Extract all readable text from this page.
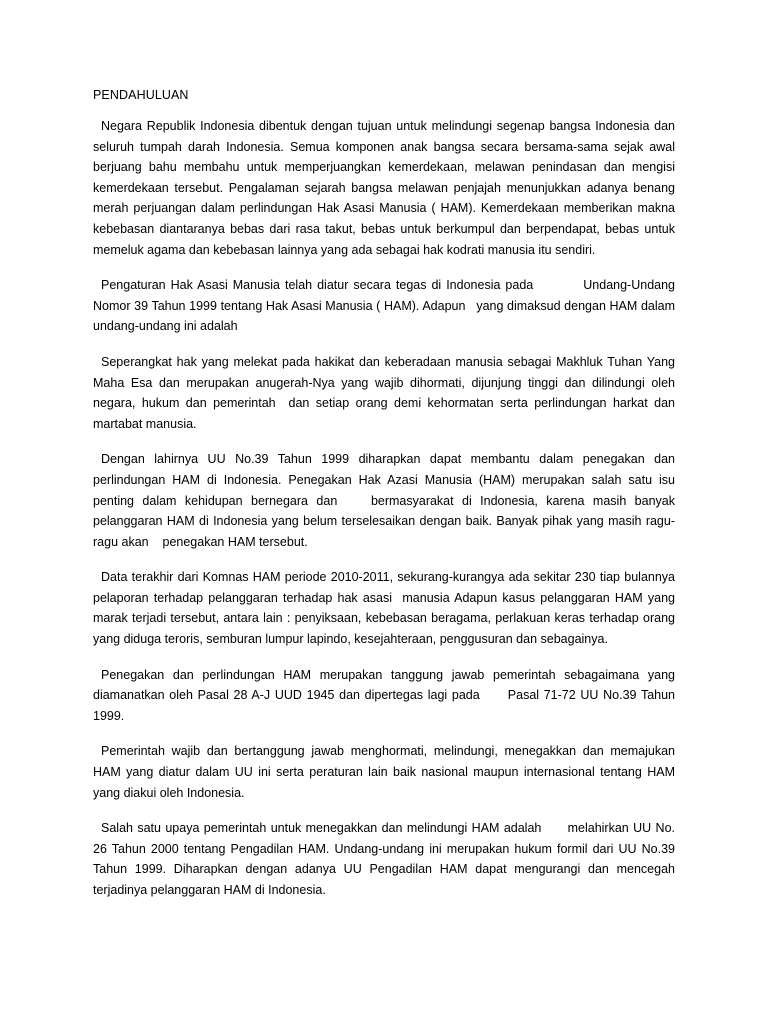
PENDAHULUAN

Negara Republik Indonesia dibentuk dengan tujuan untuk melindungi segenap bangsa Indonesia dan seluruh tumpah darah Indonesia. Semua komponen anak bangsa secara bersama-sama sejak awal berjuang bahu membahu untuk memperjuangkan kemerdekaan, melawan penindasan dan mengisi kemerdekaan tersebut. Pengalaman sejarah bangsa melawan penjajah menunjukkan adanya benang merah perjuangan dalam perlindungan Hak Asasi Manusia ( HAM). Kemerdekaan memberikan makna kebebasan diantaranya bebas dari rasa takut, bebas untuk berkumpul dan berpendapat, bebas untuk memeluk agama dan kebebasan lainnya yang ada sebagai hak kodrati manusia itu sendiri.

Pengaturan Hak Asasi Manusia telah diatur secara tegas di Indonesia pada          Undang-Undang Nomor 39 Tahun 1999 tentang Hak Asasi Manusia ( HAM). Adapun   yang dimaksud dengan HAM dalam undang-undang ini adalah

Seperangkat hak yang melekat pada hakikat dan keberadaan manusia sebagai Makhluk Tuhan Yang Maha Esa dan merupakan anugerah-Nya yang wajib dihormati, dijunjung tinggi dan dilindungi oleh negara, hukum dan pemerintah  dan setiap orang demi kehormatan serta perlindungan harkat dan martabat manusia.

Dengan lahirnya UU No.39 Tahun 1999 diharapkan dapat membantu dalam penegakan dan perlindungan HAM di Indonesia. Penegakan Hak Azasi Manusia (HAM) merupakan salah satu isu penting dalam kehidupan bernegara dan    bermasyarakat di Indonesia, karena masih banyak pelanggaran HAM di Indonesia yang belum terselesaikan dengan baik. Banyak pihak yang masih ragu-ragu akan    penegakan HAM tersebut.

Data terakhir dari Komnas HAM periode 2010-2011, sekurang-kurangya ada sekitar 230 tiap bulannya pelaporan terhadap pelanggaran terhadap hak asasi  manusia Adapun kasus pelanggaran HAM yang marak terjadi tersebut, antara lain : penyiksaan, kebebasan beragama, perlakuan keras terhadap orang yang diduga teroris, semburan lumpur lapindo, kesejahteraan, penggusuran dan sebagainya.

Penegakan dan perlindungan HAM merupakan tanggung jawab pemerintah sebagaimana yang diamanatkan oleh Pasal 28 A-J UUD 1945 dan dipertegas lagi pada      Pasal 71-72 UU No.39 Tahun 1999.

Pemerintah wajib dan bertanggung jawab menghormati, melindungi, menegakkan dan memajukan HAM yang diatur dalam UU ini serta peraturan lain baik nasional maupun internasional tentang HAM yang diakui oleh Indonesia.

Salah satu upaya pemerintah untuk menegakkan dan melindungi HAM adalah      melahirkan UU No. 26 Tahun 2000 tentang Pengadilan HAM. Undang-undang ini merupakan hukum formil dari UU No.39 Tahun 1999. Diharapkan dengan adanya UU Pengadilan HAM dapat mengurangi dan mencegah terjadinya pelanggaran HAM di Indonesia.
